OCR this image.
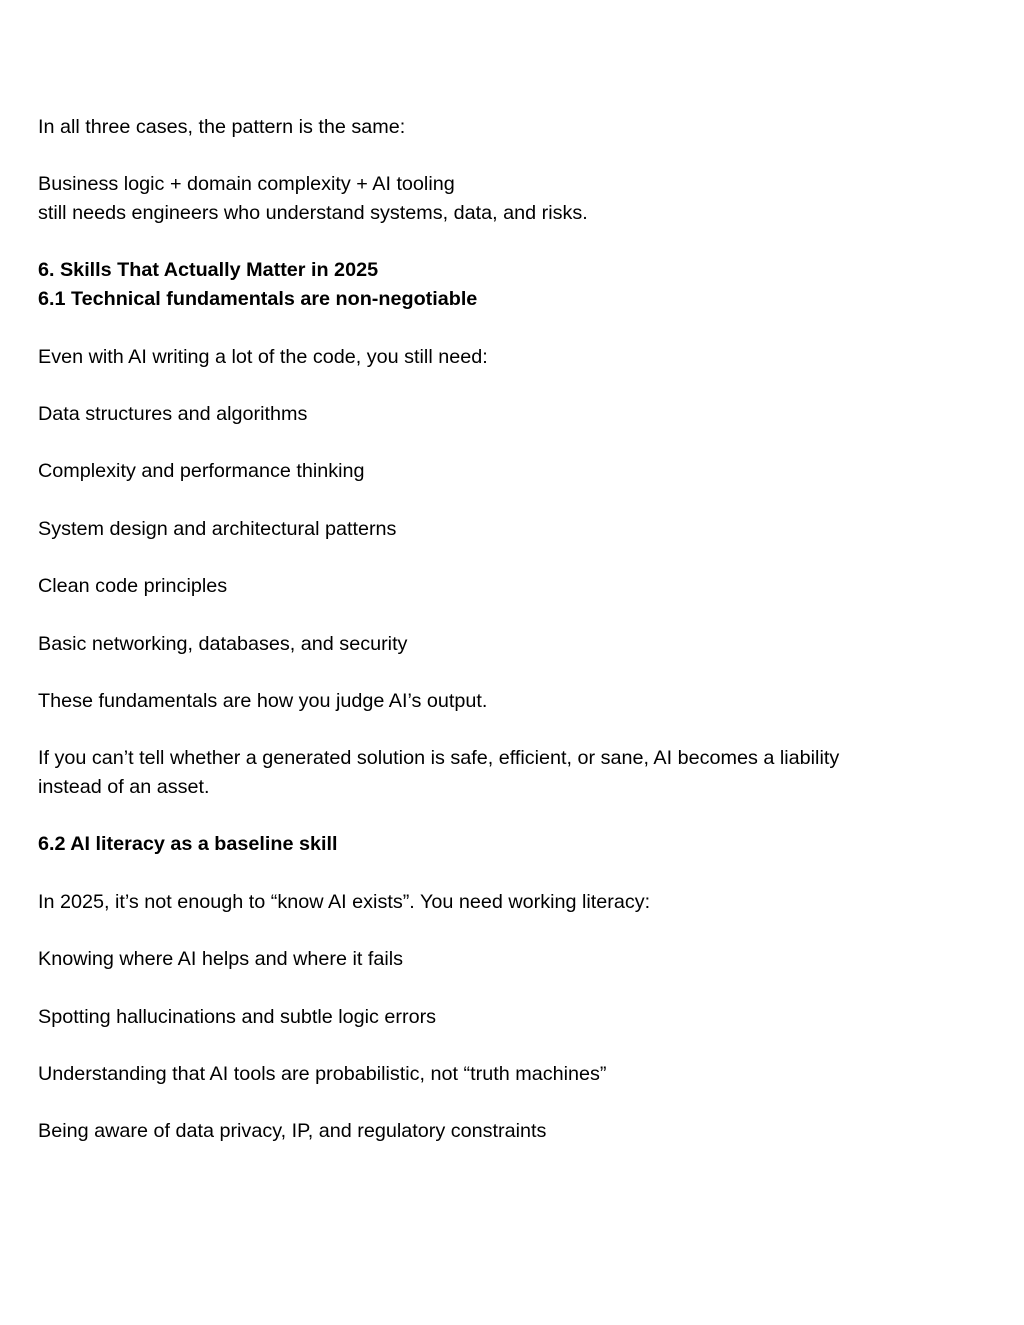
In all three cases, the pattern is the same:

Business logic + domain complexity + AI tooling
still needs engineers who understand systems, data, and risks.

6. Skills That Actually Matter in 2025

6.1 Technical fundamentals are non-negotiable

Even with AI writing a lot of the code, you still need:

Data structures and algorithms

Complexity and performance thinking

System design and architectural patterns

Clean code principles

Basic networking, databases, and security

These fundamentals are how you judge AI’s output.

If you can’t tell whether a generated solution is safe, efficient, or sane, AI becomes a liability
instead of an asset.

6.2 AI literacy as a baseline skill

In 2025, it’s not enough to “know AI exists”. You need working literacy:

Knowing where AI helps and where it fails

Spotting hallucinations and subtle logic errors

Understanding that AI tools are probabilistic, not “truth machines”

Being aware of data privacy, IP, and regulatory constraints
